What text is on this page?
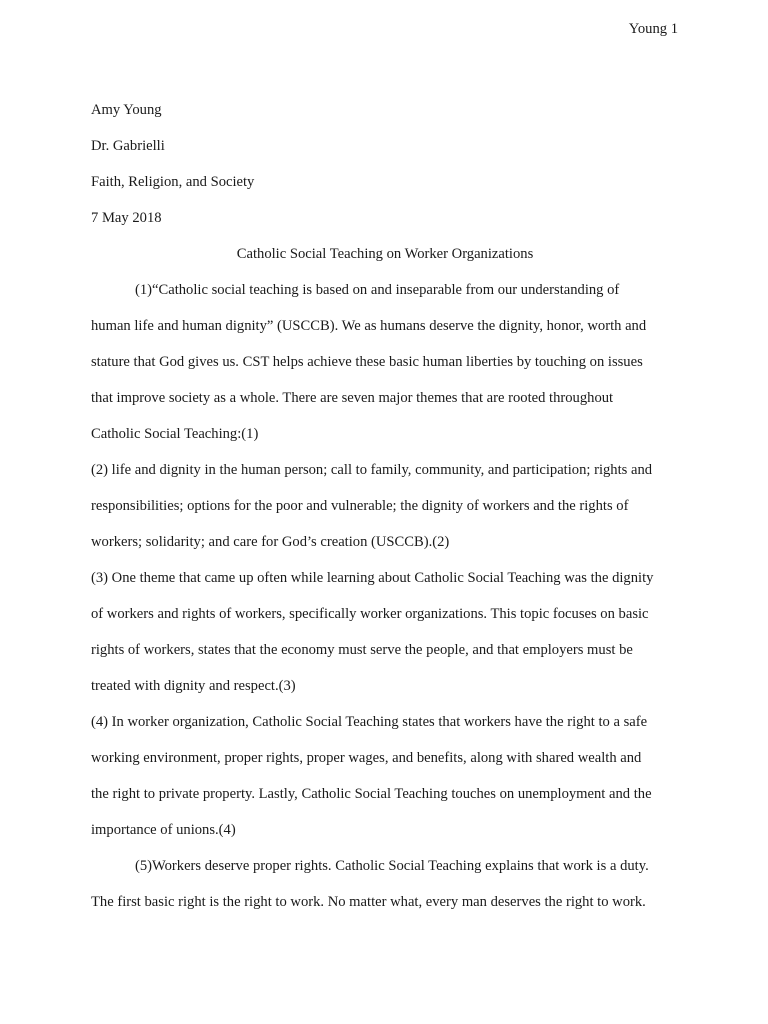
Young 1
Amy Young
Dr. Gabrielli
Faith, Religion, and Society
7 May 2018
Catholic Social Teaching on Worker Organizations
(1)“Catholic social teaching is based on and inseparable from our understanding of
human life and human dignity” (USCCB). We as humans deserve the dignity, honor, worth and
stature that God gives us. CST helps achieve these basic human liberties by touching on issues
that improve society as a whole. There are seven major themes that are rooted throughout
Catholic Social Teaching:(1)
(2) life and dignity in the human person; call to family, community, and participation; rights and
responsibilities; options for the poor and vulnerable; the dignity of workers and the rights of
workers; solidarity; and care for God’s creation (USCCB).(2)
(3) One theme that came up often while learning about Catholic Social Teaching was the dignity
of workers and rights of workers, specifically worker organizations. This topic focuses on basic
rights of workers, states that the economy must serve the people, and that employers must be
treated with dignity and respect.(3)
(4) In worker organization, Catholic Social Teaching states that workers have the right to a safe
working environment, proper rights, proper wages, and benefits, along with shared wealth and
the right to private property. Lastly, Catholic Social Teaching touches on unemployment and the
importance of unions.(4)
(5)Workers deserve proper rights. Catholic Social Teaching explains that work is a duty.
The first basic right is the right to work. No matter what, every man deserves the right to work.
